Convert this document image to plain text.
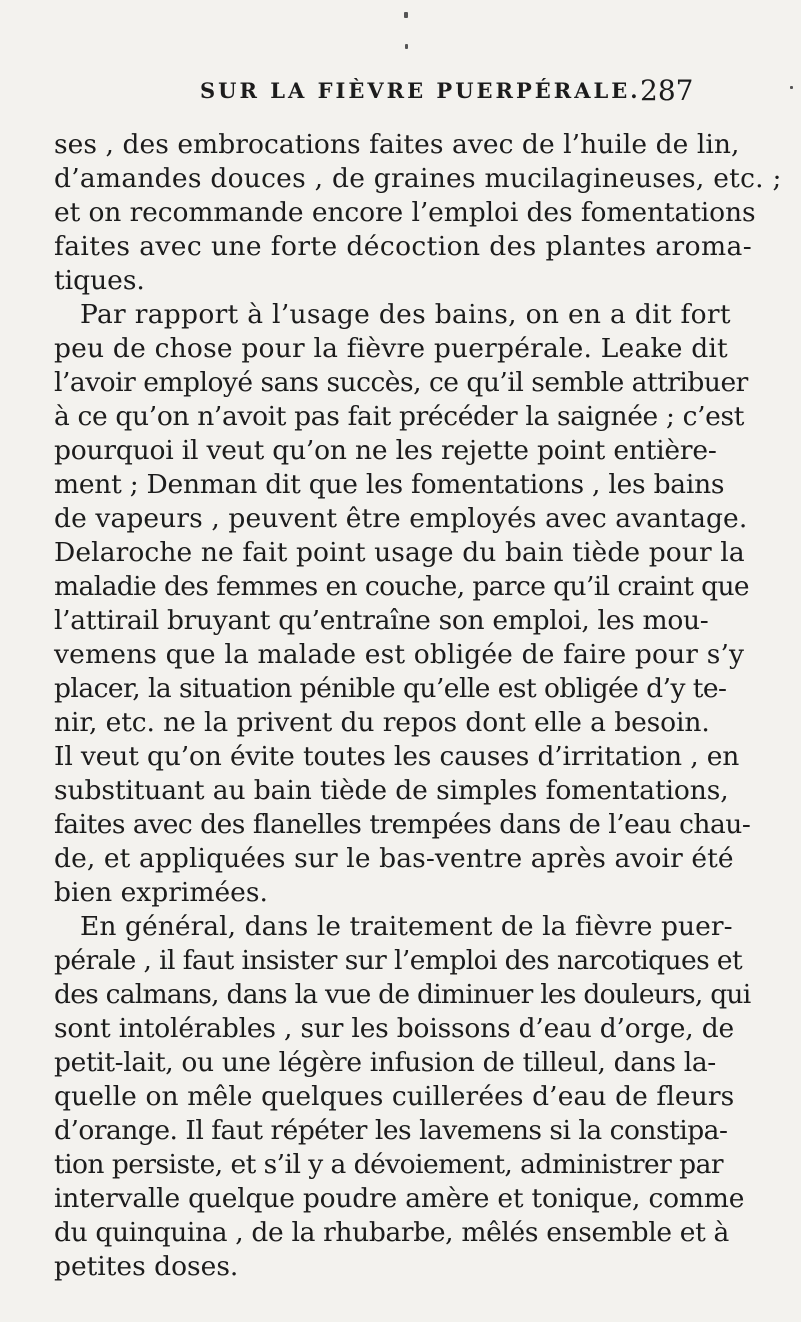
SUR LA FIÈVRE PUERPÉRALE. 287
ses , des embrocations faites avec de l’huile de lin,
d’amandes douces , de graines mucilagineuses, etc. ;
et on recommande encore l’emploi des fomentations
faites avec une forte décoction des plantes aroma-
tiques.
Par rapport à l’usage des bains, on en a dit fort
peu de chose pour la fièvre puerpérale. Leake dit
l’avoir employé sans succès, ce qu’il semble attribuer
à ce qu’on n’avoit pas fait précéder la saignée ; c’est
pourquoi il veut qu’on ne les rejette point entière-
ment ; Denman dit que les fomentations , les bains
de vapeurs , peuvent être employés avec avantage.
Delaroche ne fait point usage du bain tiède pour la
maladie des femmes en couche, parce qu’il craint que
l’attirail bruyant qu’entraîne son emploi, les mou-
vemens que la malade est obligée de faire pour s’y
placer, la situation pénible qu’elle est obligée d’y te-
nir, etc. ne la privent du repos dont elle a besoin.
Il veut qu’on évite toutes les causes d’irritation , en
substituant au bain tiède de simples fomentations,
faites avec des flanelles trempées dans de l’eau chau-
de, et appliquées sur le bas-ventre après avoir été
bien exprimées.
En général, dans le traitement de la fièvre puer-
pérale , il faut insister sur l’emploi des narcotiques et
des calmans, dans la vue de diminuer les douleurs, qui
sont intolérables , sur les boissons d’eau d’orge, de
petit-lait, ou une légère infusion de tilleul, dans la-
quelle on mêle quelques cuillerées d’eau de fleurs
d’orange. Il faut répéter les lavemens si la constipa-
tion persiste, et s’il y a dévoiement, administrer par
intervalle quelque poudre amère et tonique, comme
du quinquina , de la rhubarbe, mêlés ensemble et à
petites doses.
